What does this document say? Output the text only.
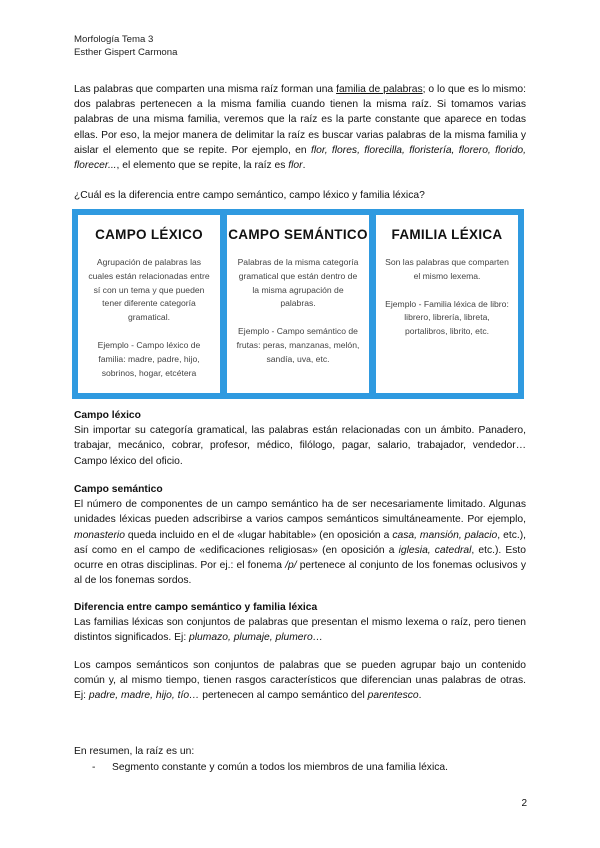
Morfología Tema 3
Esther Gispert Carmona
Las palabras que comparten una misma raíz forman una familia de palabras; o lo que es lo mismo: dos palabras pertenecen a la misma familia cuando tienen la misma raíz. Si tomamos varias palabras de una misma familia, veremos que la raíz es la parte constante que aparece en todas ellas. Por eso, la mejor manera de delimitar la raíz es buscar varias palabras de la misma familia y aislar el elemento que se repite. Por ejemplo, en flor, flores, florecilla, floristería, florero, florido, florecer..., el elemento que se repite, la raíz es flor.
¿Cuál es la diferencia entre campo semántico, campo léxico y familia léxica?
CAMPO LÉXICO
Agrupación de palabras las cuales están relacionadas entre sí con un tema y que pueden tener diferente categoría gramatical.
Ejemplo - Campo léxico de familia: madre, padre, hijo, sobrinos, hogar, etcétera
CAMPO SEMÁNTICO
Palabras de la misma categoría gramatical que están dentro de la misma agrupación de palabras.
Ejemplo - Campo semántico de frutas: peras, manzanas, melón, sandía, uva, etc.
FAMILIA LÉXICA
Son las palabras que comparten el mismo lexema.
Ejemplo - Familia léxica de libro: librero, librería, libreta, portalibros, librito, etc.
Campo léxico
Sin importar su categoría gramatical, las palabras están relacionadas con un ámbito. Panadero, trabajar, mecánico, cobrar, profesor, médico, filólogo, pagar, salario, trabajador, vendedor… Campo léxico del oficio.
Campo semántico
El número de componentes de un campo semántico ha de ser necesariamente limitado. Algunas unidades léxicas pueden adscribirse a varios campos semánticos simultáneamente. Por ejemplo, monasterio queda incluido en el de «lugar habitable» (en oposición a casa, mansión, palacio, etc.), así como en el campo de «edificaciones religiosas» (en oposición a iglesia, catedral, etc.). Esto ocurre en otras disciplinas. Por ej.: el fonema /p/ pertenece al conjunto de los fonemas oclusivos y al de los fonemas sordos.
Diferencia entre campo semántico y familia léxica
Las familias léxicas son conjuntos de palabras que presentan el mismo lexema o raíz, pero tienen distintos significados. Ej: plumazo, plumaje, plumero…
Los campos semánticos son conjuntos de palabras que se pueden agrupar bajo un contenido común y, al mismo tiempo, tienen rasgos característicos que diferencian unas palabras de otras. Ej: padre, madre, hijo, tío… pertenecen al campo semántico del parentesco.
En resumen, la raíz es un:
- Segmento constante y común a todos los miembros de una familia léxica.
2
